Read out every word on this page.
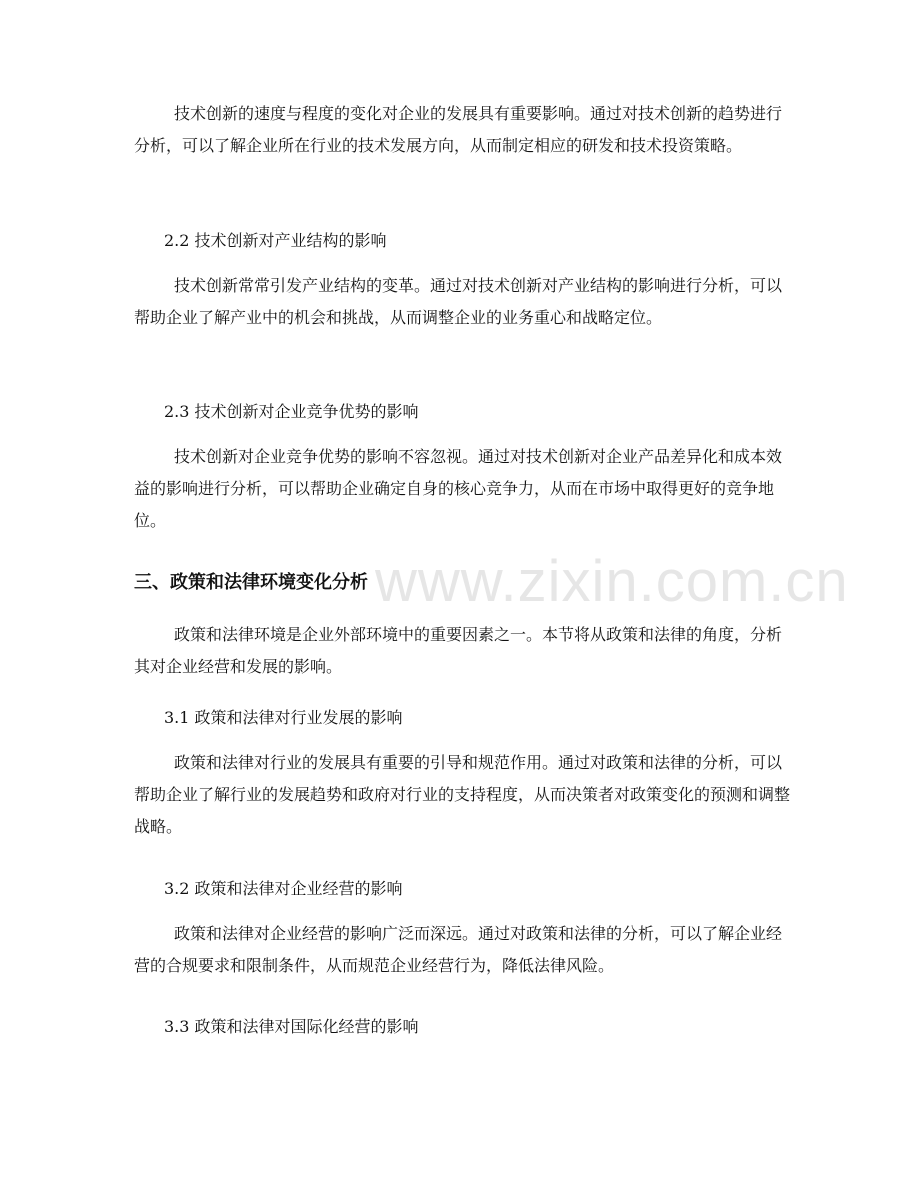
www.zixin.com.cn

技术创新的速度与程度的变化对企业的发展具有重要影响。通过对技术创新的趋势进行分析，可以了解企业所在行业的技术发展方向，从而制定相应的研发和技术投资策略。

2.2 技术创新对产业结构的影响

技术创新常常引发产业结构的变革。通过对技术创新对产业结构的影响进行分析，可以帮助企业了解产业中的机会和挑战，从而调整企业的业务重心和战略定位。

2.3 技术创新对企业竞争优势的影响

技术创新对企业竞争优势的影响不容忽视。通过对技术创新对企业产品差异化和成本效益的影响进行分析，可以帮助企业确定自身的核心竞争力，从而在市场中取得更好的竞争地位。

三、政策和法律环境变化分析

政策和法律环境是企业外部环境中的重要因素之一。本节将从政策和法律的角度，分析其对企业经营和发展的影响。

3.1 政策和法律对行业发展的影响

政策和法律对行业的发展具有重要的引导和规范作用。通过对政策和法律的分析，可以帮助企业了解行业的发展趋势和政府对行业的支持程度，从而决策者对政策变化的预测和调整战略。

3.2 政策和法律对企业经营的影响

政策和法律对企业经营的影响广泛而深远。通过对政策和法律的分析，可以了解企业经营的合规要求和限制条件，从而规范企业经营行为，降低法律风险。

3.3 政策和法律对国际化经营的影响
